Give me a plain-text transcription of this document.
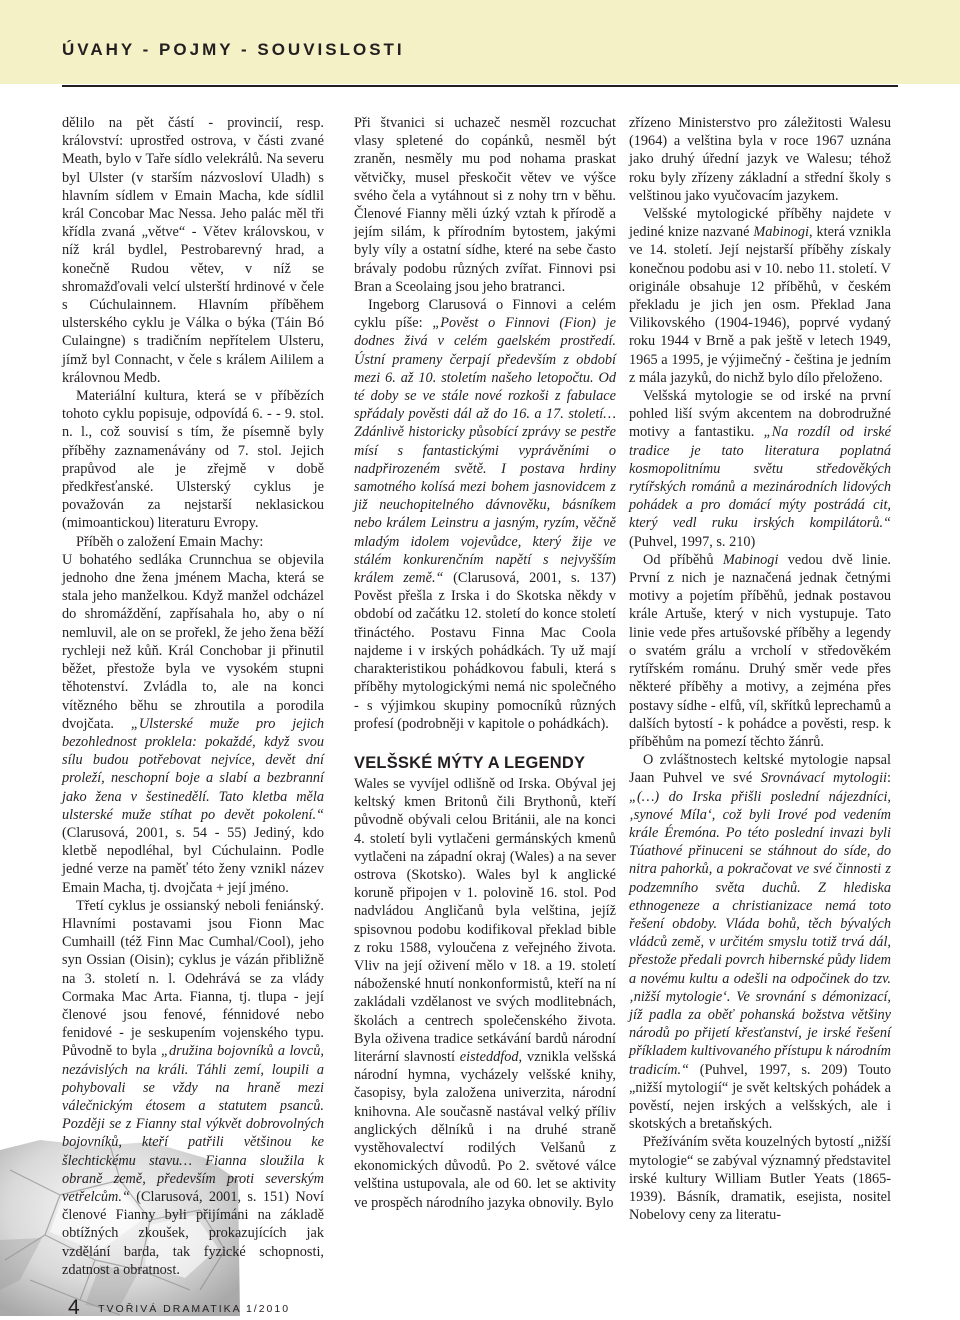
ÚVAHY - POJMY - SOUVISLOSTI

dělilo na pět částí - provincií, resp. království: uprostřed ostrova, v části zvané Meath, bylo v Taře sídlo velekrálů. Na severu byl Ulster (v starším názvosloví Uladh) s hlavním sídlem v Emain Macha, kde sídlil král Concobar Mac Nessa. Jeho palác měl tři křídla zvaná „větve“ - Větev královskou, v níž král bydlel, Pestrobarevný hrad, a konečně Rudou větev, v níž se shromažďovali velcí ulsterští hrdinové v čele s Cúchulainnem. Hlavním příběhem ulsterského cyklu je Válka o býka (Táin Bó Culaingne) s tradičním nepřítelem Ulsteru, jímž byl Connacht, v čele s králem Aililem a královnou Medb.

Materiální kultura, která se v příbězích tohoto cyklu popisuje, odpovídá 6. - - 9. stol. n. l., což souvisí s tím, že písemně byly příběhy zaznamenávány od 7. stol. Jejich prapůvod ale je zřejmě v době předkřesťanské. Ulsterský cyklus je považován za nejstarší neklasickou (mimoantickou) literaturu Evropy.

Příběh o založení Emain Machy:

U bohatého sedláka Crunnchua se objevila jednoho dne žena jménem Macha, která se stala jeho manželkou. Když manžel odcházel do shromáždění, zapřísahala ho, aby o ní nemluvil, ale on se prořekl, že jeho žena běží rychleji než kůň. Král Conchobar ji přinutil běžet, přestože byla ve vysokém stupni těhotenství. Zvládla to, ale na konci vítězného běhu se zhroutila a porodila dvojčata. „Ulsterské muže pro jejich bezohlednost proklela: pokaždé, když svou sílu budou potřebovat nejvíce, devět dní proleží, neschopní boje a slabí a bezbranní jako žena v šestinedělí. Tato kletba měla ulsterské muže stíhat po devět pokolení.“ (Clarusová, 2001, s. 54 - 55) Jediný, kdo kletbě nepodléhal, byl Cúchulainn. Podle jedné verze na paměť této ženy vznikl název Emain Macha, tj. dvojčata + její jméno.

Třetí cyklus je ossianský neboli feniánský. Hlavními postavami jsou Fionn Mac Cumhaill (též Finn Mac Cumhal/Cool), jeho syn Ossian (Oisin); cyklus je vázán přibližně na 3. století n. l. Odehrává se za vlády Cormaka Mac Arta. Fianna, tj. tlupa - její členové jsou fenové, fénnidové nebo fenidové - je seskupením vojenského typu. Původně to byla „družina bojovníků a lovců, nezávislých na králi. Táhli zemí, loupili a pohybovali se vždy na hraně mezi válečnickým étosem a statutem psanců. Později se z Fianny stal výkvět dobrovolných bojovníků, kteří patřili většinou ke šlechtickému stavu… Fianna sloužila k obraně země, především proti severským vetřelcům.“ (Clarusová, 2001, s. 151) Noví členové Fianny byli přijímáni na základě obtížných zkoušek, prokazujících jak vzdělání barda, tak fyzické schopnosti, zdatnost a obratnost.

Při štvanici si uchazeč nesměl rozcuchat vlasy spletené do copánků, nesměl být zraněn, nesměly mu pod nohama praskat větvičky, musel přeskočit větev ve výšce svého čela a vytáhnout si z nohy trn v běhu. Členové Fianny měli úzký vztah k přírodě a jejím silám, k přírodním bytostem, jakými byly víly a ostatní sídhe, které na sebe často brávaly podobu různých zvířat. Finnovi psi Bran a Sceolaing jsou jeho bratranci.

Ingeborg Clarusová o Finnovi a celém cyklu píše: „Pověst o Finnovi (Fion) je dodnes živá v celém gaelském prostředí. Ústní prameny čerpají především z období mezi 6. až 10. stoletím našeho letopočtu. Od té doby se ve stále nové rozkoši z fabulace spřádaly pověsti dál až do 16. a 17. století… Zdánlivě historicky působící zprávy se pestře mísí s fantastickými vyprávěními o nadpřirozeném světě. I postava hrdiny samotného kolísá mezi bohem jasnovidcem z již neuchopitelného dávnověku, básníkem nebo králem Leinstru a jasným, ryzím, věčně mladým idolem vojevůdce, který žije ve stálém konkurenčním napětí s nejvyšším králem země.“ (Clarusová, 2001, s. 137) Pověst přešla z Irska i do Skotska někdy v období od začátku 12. století do konce století třináctého. Postavu Finna Mac Coola najdeme i v irských pohádkách. Ty už mají charakteristikou pohádkovou fabuli, která s příběhy mytologickými nemá nic společného - s výjimkou skupiny pomocníků různých profesí (podrobněji v kapitole o pohádkách).

VELŠSKÉ MÝTY A LEGENDY

Wales se vyvíjel odlišně od Irska. Obýval jej keltský kmen Britonů čili Brythonů, kteří původně obývali celou Británii, ale na konci 4. století byli vytlačeni germánských kmenů vytlačeni na západní okraj (Wales) a na sever ostrova (Skotsko). Wales byl k anglické koruně připojen v 1. polovině 16. stol. Pod nadvládou Angličanů byla velština, jejíž spisovnou podobu kodifikoval překlad bible z roku 1588, vyloučena z veřejného života. Vliv na její oživení mělo v 18. a 19. století náboženské hnutí nonkonformistů, kteří na ní zakládali vzdělanost ve svých modlitebnách, školách a centrech společenského života. Byla oživena tradice setkávání bardů národní literární slavností eisteddfod, vznikla velšská národní hymna, vycházely velšské knihy, časopisy, byla založena univerzita, národní knihovna. Ale současně nastával velký příliv anglických dělníků i na druhé straně vystěhovalectví rodilých Velšanů z ekonomických důvodů. Po 2. světové válce velština ustupovala, ale od 60. let se aktivity ve prospěch národního jazyka obnovily. Bylo

zřízeno Ministerstvo pro záležitosti Walesu (1964) a velština byla v roce 1967 uznána jako druhý úřední jazyk ve Walesu; téhož roku byly zřízeny základní a střední školy s velštinou jako vyučovacím jazykem.

Velšské mytologické příběhy najdete v jediné knize nazvané Mabinogi, která vznikla ve 14. století. Její nejstarší příběhy získaly konečnou podobu asi v 10. nebo 11. století. V originále obsahuje 12 příběhů, v českém překladu je jich jen osm. Překlad Jana Vilikovského (1904-1946), poprvé vydaný roku 1944 v Brně a pak ještě v letech 1949, 1965 a 1995, je výjimečný - čeština je jedním z mála jazyků, do nichž bylo dílo přeloženo.

Velšská mytologie se od irské na první pohled liší svým akcentem na dobrodružné motivy a fantastiku. „Na rozdíl od irské tradice je tato literatura poplatná kosmopolitnímu světu středověkých rytířských románů a mezinárodních lidových pohádek a pro domácí mýty postrádá cit, který vedl ruku irských kompilátorů.“ (Puhvel, 1997, s. 210)

Od příběhů Mabinogi vedou dvě linie. První z nich je naznačená jednak četnými motivy a pojetím příběhů, jednak postavou krále Artuše, který v nich vystupuje. Tato linie vede přes artušovské příběhy a legendy o svatém grálu a vrcholí v středověkém rytířském románu. Druhý směr vede přes některé příběhy a motivy, a zejména přes postavy sídhe - elfů, víl, skřítků leprechamů a dalších bytostí - k pohádce a pověsti, resp. k příběhům na pomezí těchto žánrů.

O zvláštnostech keltské mytologie napsal Jaan Puhvel ve své Srovnávací mytologii: „(…) do Irska přišli poslední nájezdníci, ‚synové Míla‘, což byli Irové pod vedením krále Éremóna. Po této poslední invazi byli Túathové přinuceni se stáhnout do síde, do nitra pahorků, a pokračovat ve své činnosti z podzemního světa duchů. Z hlediska ethnogeneze a christianizace nemá toto řešení obdoby. Vláda bohů, těch bývalých vládců země, v určitém smyslu totiž trvá dál, přestože předali povrch hibernské půdy lidem a novému kultu a odešli na odpočinek do tzv. ‚nižší mytologie‘. Ve srovnání s démonizací, jíž padla za oběť pohanská božstva většiny národů po přijetí křesťanství, je irské řešení příkladem kultivovaného přístupu k národním tradicím.“ (Puhvel, 1997, s. 209) Touto „nižší mytologií“ je svět keltských pohádek a pověstí, nejen irských a velšských, ale i skotských a bretaňských.

Přežíváním světa kouzelných bytostí „nižší mytologie“ se zabýval významný představitel irské kultury William Butler Yeats (1865-1939). Básník, dramatik, esejista, nositel Nobelovy ceny za literatu-

4 TVOŘIVÁ DRAMATIKA 1/2010
